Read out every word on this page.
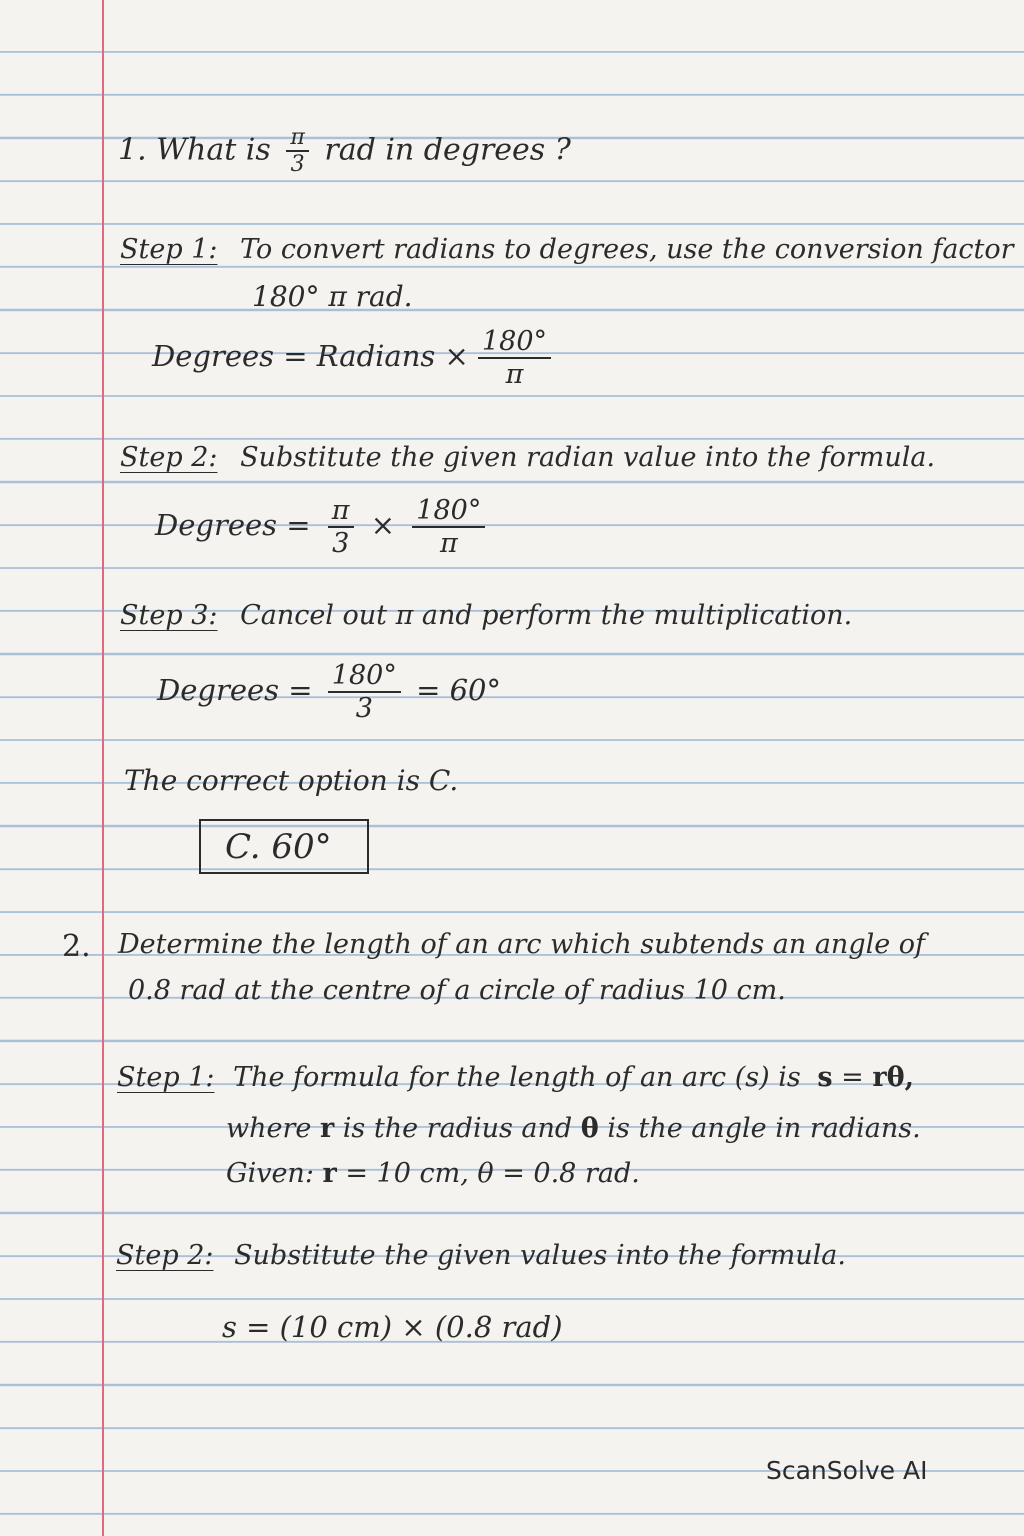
1. What is $\frac{\pi}{3}$ rad in degrees ?
Step 1: To convert radians to degrees, use the conversion factor
180° π rad.
Degrees = Radians × $\frac{180^\circ}{\pi}$
Step 2: Substitute the given radian value into the formula.
Degrees = $\frac{\pi}{3} \times \frac{180^\circ}{\pi}$
Step 3: Cancel out π and perform the multiplication.
Degrees = $\frac{180^\circ}{3} = 60^\circ$
The correct option is C.
C. 60°
2. Determine the length of an arc which subtends an angle of
0.8 rad at the centre of a circle of radius 10 cm.
Step 1: The formula for the length of an arc (s) is s = rθ,
where r is the radius and θ is the angle in radians.
Given: r = 10 cm, θ = 0.8 rad.
Step 2: Substitute the given values into the formula.
s = (10 cm) × (0.8 rad)
ScanSolve AI
